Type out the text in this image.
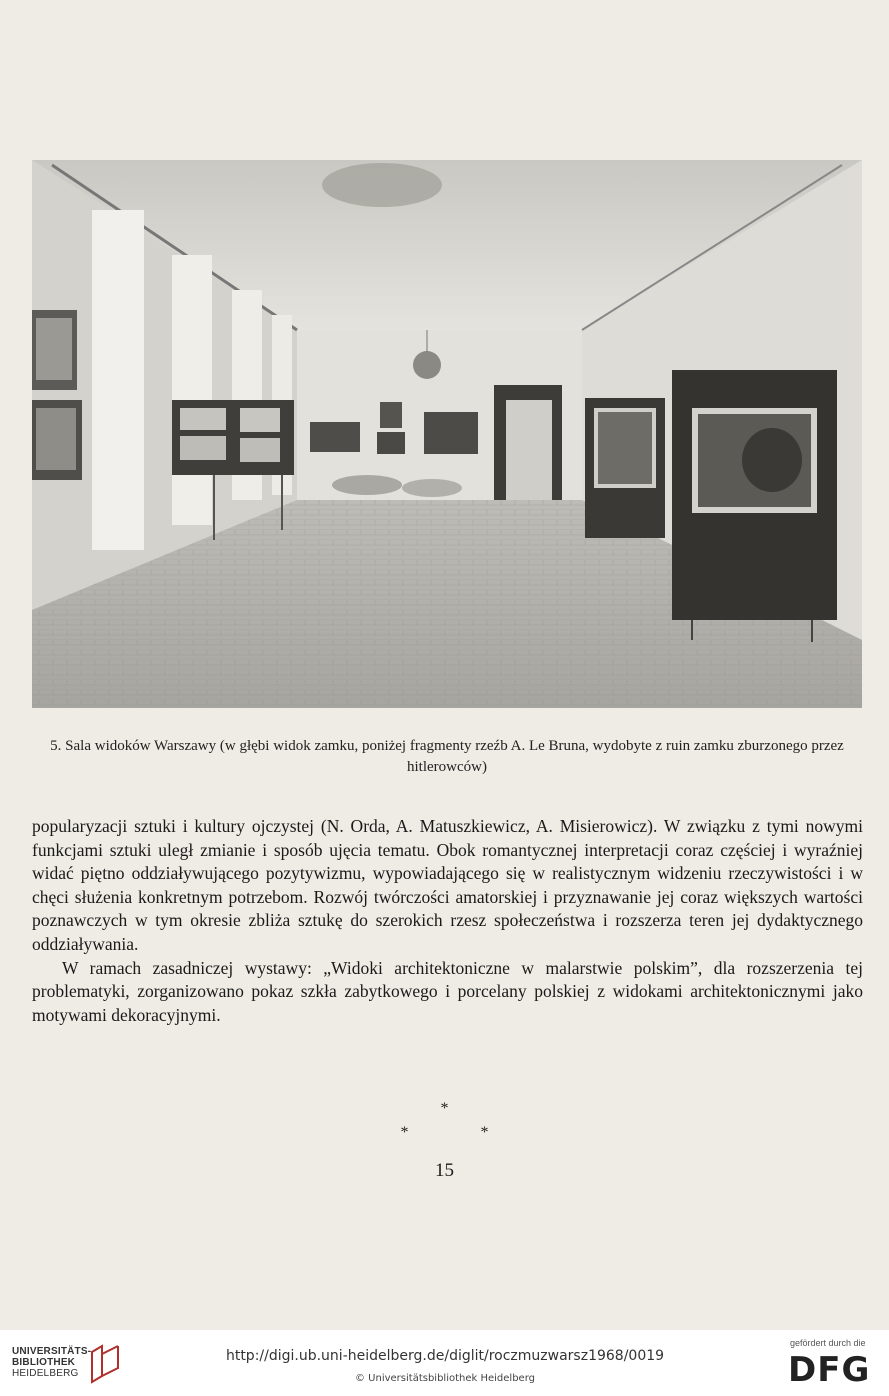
5. Sala widoków Warszawy (w głębi widok zamku, poniżej fragmenty rzeźb A. Le Bruna, wydobyte z ruin zamku zburzonego przez hitlerowców)

popularyzacji sztuki i kultury ojczystej (N. Orda, A. Matuszkiewicz, A. Misierowicz). W związku z tymi nowymi funkcjami sztuki uległ zmianie i sposób ujęcia tematu. Obok romantycznej interpretacji coraz częściej i wyraźniej widać piętno oddziaływującego pozytywizmu, wypowiadającego się w realistycznym widzeniu rzeczywistości i w chęci służenia konkretnym potrzebom. Rozwój twórczości amatorskiej i przyznawanie jej coraz większych wartości poznawczych w tym okresie zbliża sztukę do szerokich rzesz społeczeństwa i rozszerza teren jej dydaktycznego oddziaływania.

W ramach zasadniczej wystawy: „Widoki architektoniczne w malarstwie polskim”, dla rozszerzenia tej problematyki, zorganizowano pokaz szkła zabytkowego i porcelany polskiej z widokami architektonicznymi jako motywami dekoracyjnymi.

*
*	*
15
UNIVERSITÄTS-
BIBLIOTHEK
HEIDELBERG
http://digi.ub.uni-heidelberg.de/diglit/roczmuzwarsz1968/0019
© Universitätsbibliothek Heidelberg
gefördert durch die
DFG
